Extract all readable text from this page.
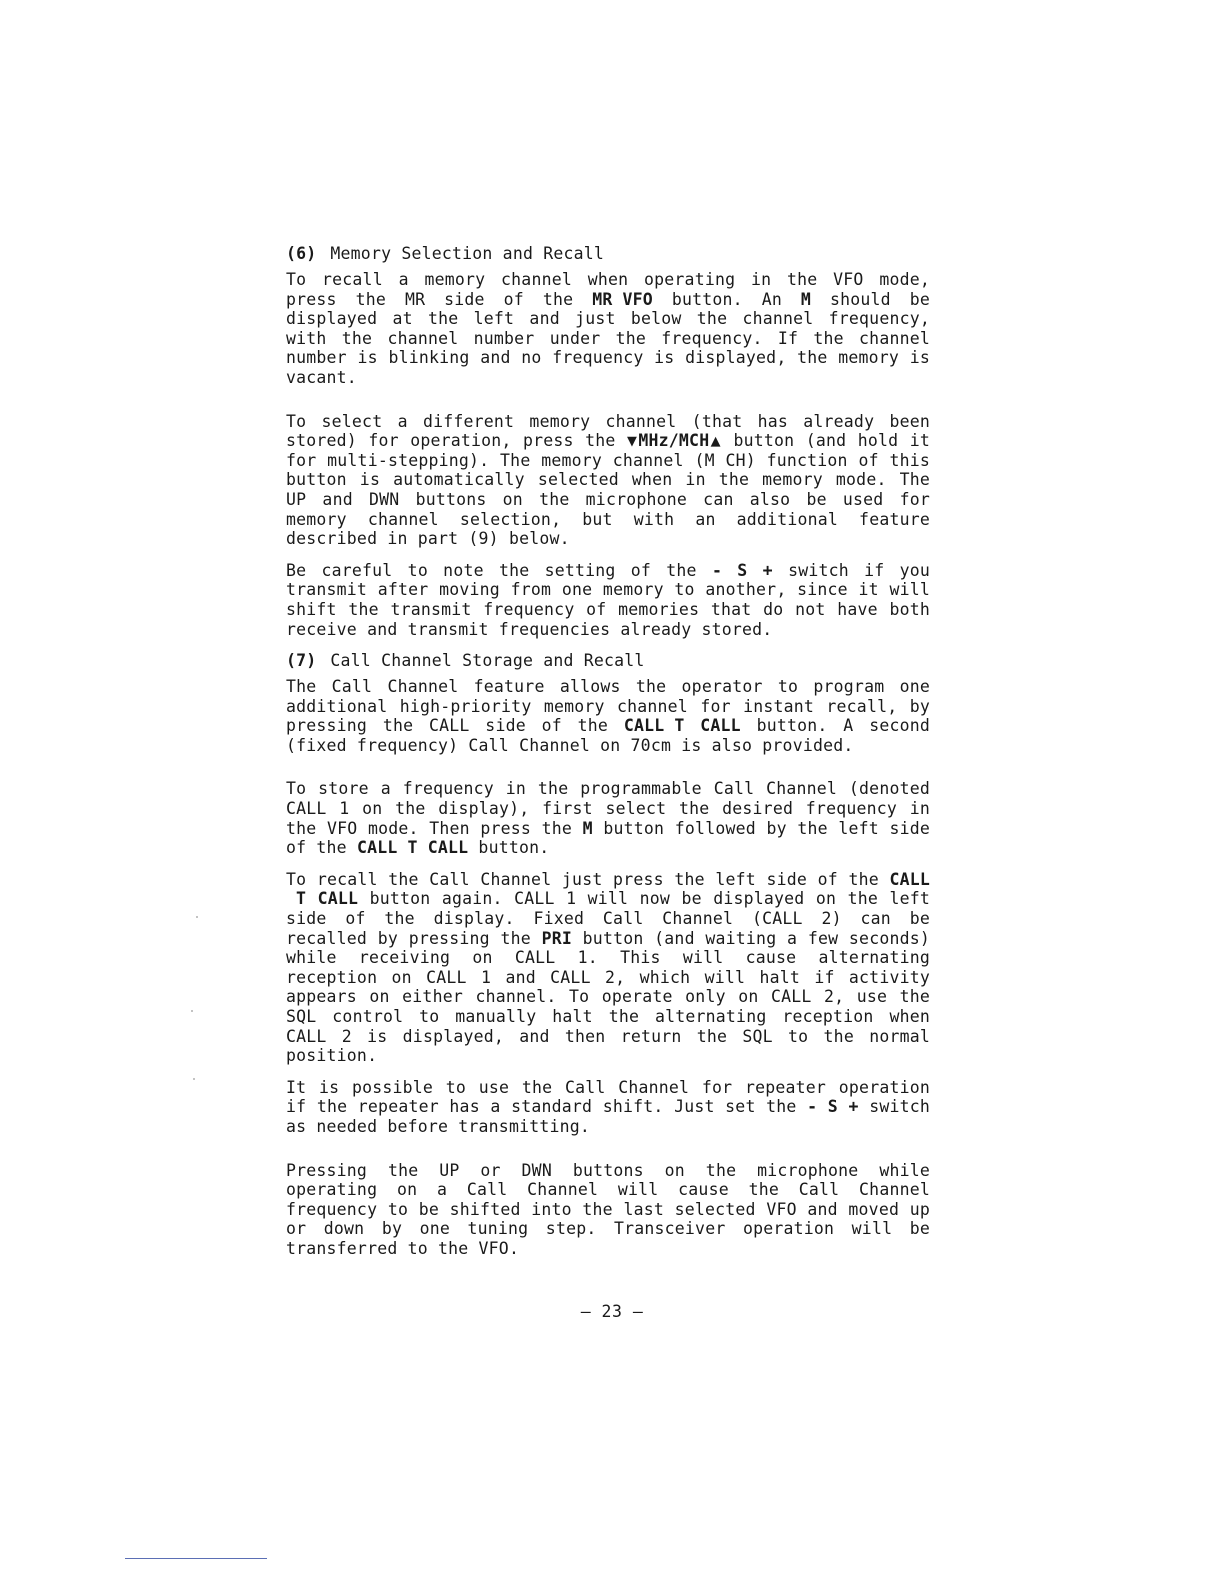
(6) Memory Selection and Recall

To recall a memory channel when operating in the VFO mode, press the MR side of the MR VFO button. An M should be displayed at the left and just below the channel frequency, with the channel number under the frequency. If the channel number is blinking and no frequency is displayed, the memory is vacant.

To select a different memory channel (that has already been stored) for operation, press the ▼MHz/MCH▲ button (and hold it for multi-stepping). The memory channel (M CH) function of this button is automatically selected when in the memory mode. The UP and DWN buttons on the microphone can also be used for memory channel selection, but with an additional feature described in part (9) below.

Be careful to note the setting of the - S + switch if you transmit after moving from one memory to another, since it will shift the transmit frequency of memories that do not have both receive and transmit frequencies already stored.

(7) Call Channel Storage and Recall

The Call Channel feature allows the operator to program one additional high-priority memory channel for instant recall, by pressing the CALL side of the CALL T CALL button. A second (fixed frequency) Call Channel on 70cm is also provided.

To store a frequency in the programmable Call Channel (denoted CALL 1 on the display), first select the desired frequency in the VFO mode. Then press the M button followed by the left side of the CALL T CALL button.

To recall the Call Channel just press the left side of the CALLT CALL button again. CALL 1 will now be displayed on the left side of the display. Fixed Call Channel (CALL 2) can be recalled by pressing the PRI button (and waiting a few seconds) while receiving on CALL 1. This will cause alternating reception on CALL 1 and CALL 2, which will halt if activity appears on either channel. To operate only on CALL 2, use the SQL control to manually halt the alternating reception when CALL 2 is displayed, and then return the SQL to the normal position.

It is possible to use the Call Channel for repeater operation if the repeater has a standard shift. Just set the - S + switch as needed before transmitting.

Pressing the UP or DWN buttons on the microphone while operating on a Call Channel will cause the Call Channel frequency to be shifted into the last selected VFO and moved up or down by one tuning step. Transceiver operation will be transferred to the VFO.

– 23 –
